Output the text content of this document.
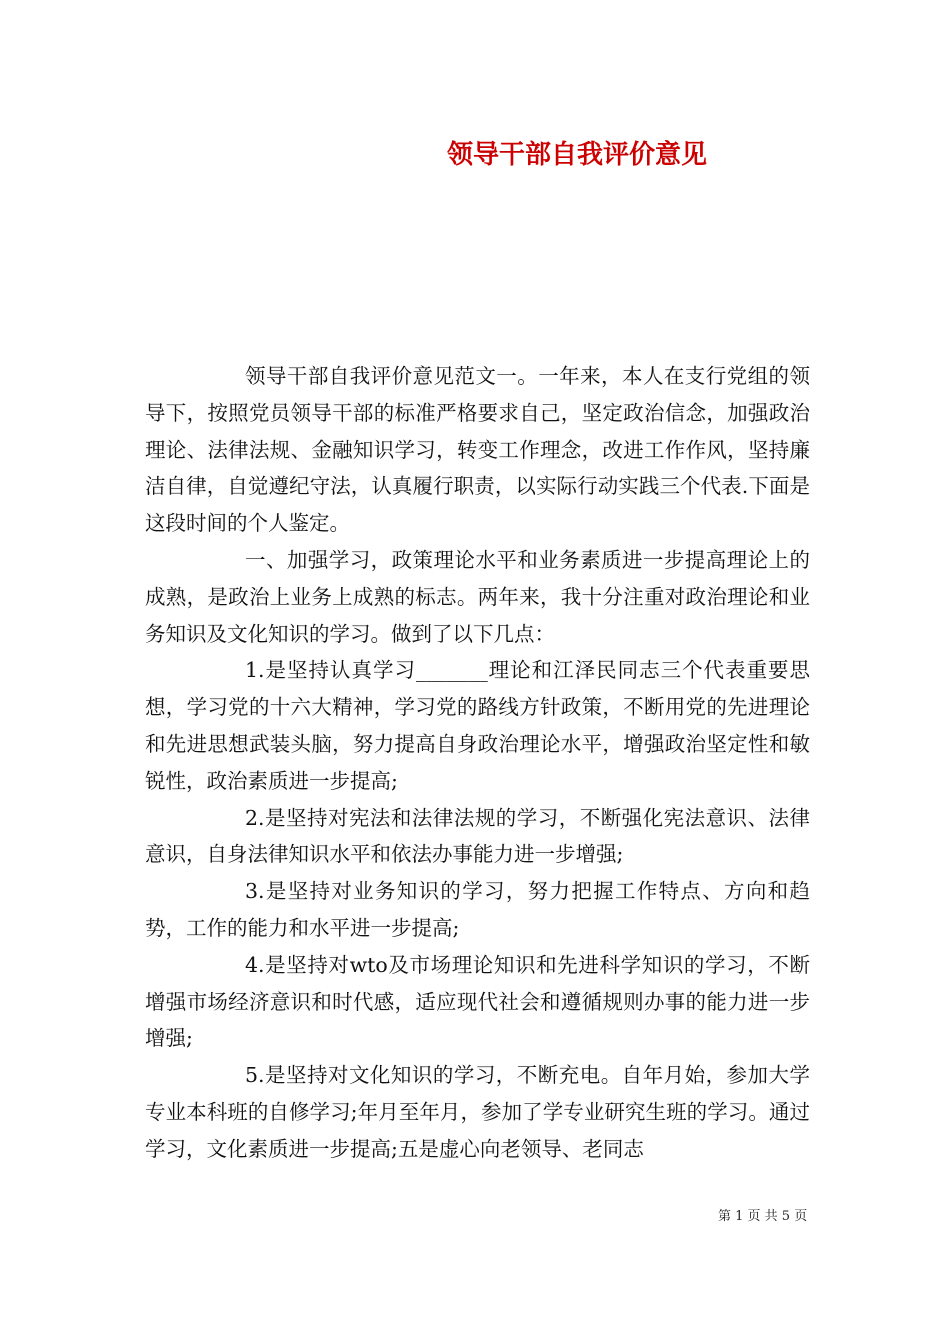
领导干部自我评价意见

领导干部自我评价意见范文一。一年来，本人在支行党组的领导下，按照党员领导干部的标准严格要求自己，坚定政治信念，加强政治理论、法律法规、金融知识学习，转变工作理念，改进工作作风，坚持廉洁自律，自觉遵纪守法，认真履行职责，以实际行动实践三个代表.下面是这段时间的个人鉴定。

一、加强学习，政策理论水平和业务素质进一步提高理论上的成熟，是政治上业务上成熟的标志。两年来，我十分注重对政治理论和业务知识及文化知识的学习。做到了以下几点：

1.是坚持认真学习_______理论和江泽民同志三个代表重要思想，学习党的十六大精神，学习党的路线方针政策，不断用党的先进理论和先进思想武装头脑，努力提高自身政治理论水平，增强政治坚定性和敏锐性，政治素质进一步提高;

2.是坚持对宪法和法律法规的学习，不断强化宪法意识、法律意识，自身法律知识水平和依法办事能力进一步增强;

3.是坚持对业务知识的学习，努力把握工作特点、方向和趋势，工作的能力和水平进一步提高;

4.是坚持对wto及市场理论知识和先进科学知识的学习，不断增强市场经济意识和时代感，适应现代社会和遵循规则办事的能力进一步增强;

5.是坚持对文化知识的学习，不断充电。自年月始，参加大学专业本科班的自修学习;年月至年月，参加了学专业研究生班的学习。通过学习，文化素质进一步提高;五是虚心向老领导、老同志

第 1 页 共 5 页
